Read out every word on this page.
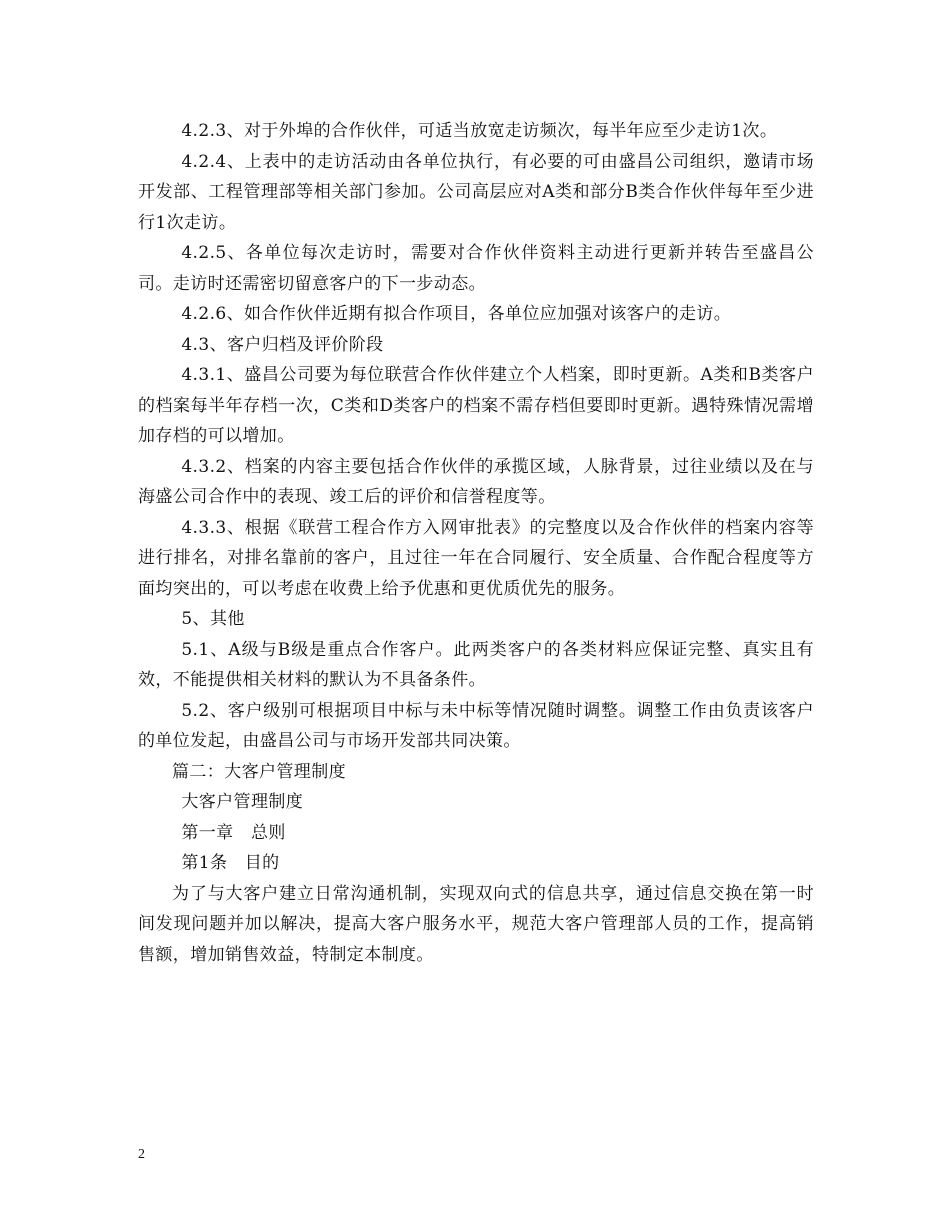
4.2.3、对于外埠的合作伙伴，可适当放宽走访频次，每半年应至少走访1次。

4.2.4、上表中的走访活动由各单位执行，有必要的可由盛昌公司组织，邀请市场开发部、工程管理部等相关部门参加。公司高层应对A类和部分B类合作伙伴每年至少进行1次走访。

4.2.5、各单位每次走访时，需要对合作伙伴资料主动进行更新并转告至盛昌公司。走访时还需密切留意客户的下一步动态。

4.2.6、如合作伙伴近期有拟合作项目，各单位应加强对该客户的走访。

4.3、客户归档及评价阶段

4.3.1、盛昌公司要为每位联营合作伙伴建立个人档案，即时更新。A类和B类客户的档案每半年存档一次，C类和D类客户的档案不需存档但要即时更新。遇特殊情况需增加存档的可以增加。

4.3.2、档案的内容主要包括合作伙伴的承揽区域，人脉背景，过往业绩以及在与海盛公司合作中的表现、竣工后的评价和信誉程度等。

4.3.3、根据《联营工程合作方入网审批表》的完整度以及合作伙伴的档案内容等进行排名，对排名靠前的客户，且过往一年在合同履行、安全质量、合作配合程度等方面均突出的，可以考虑在收费上给予优惠和更优质优先的服务。

5、其他

5.1、A级与B级是重点合作客户。此两类客户的各类材料应保证完整、真实且有效，不能提供相关材料的默认为不具备条件。

5.2、客户级别可根据项目中标与未中标等情况随时调整。调整工作由负责该客户的单位发起，由盛昌公司与市场开发部共同决策。

篇二：大客户管理制度

大客户管理制度

第一章　总则

第1条　目的

为了与大客户建立日常沟通机制，实现双向式的信息共享，通过信息交换在第一时间发现问题并加以解决，提高大客户服务水平，规范大客户管理部人员的工作，提高销售额，增加销售效益，特制定本制度。

2
